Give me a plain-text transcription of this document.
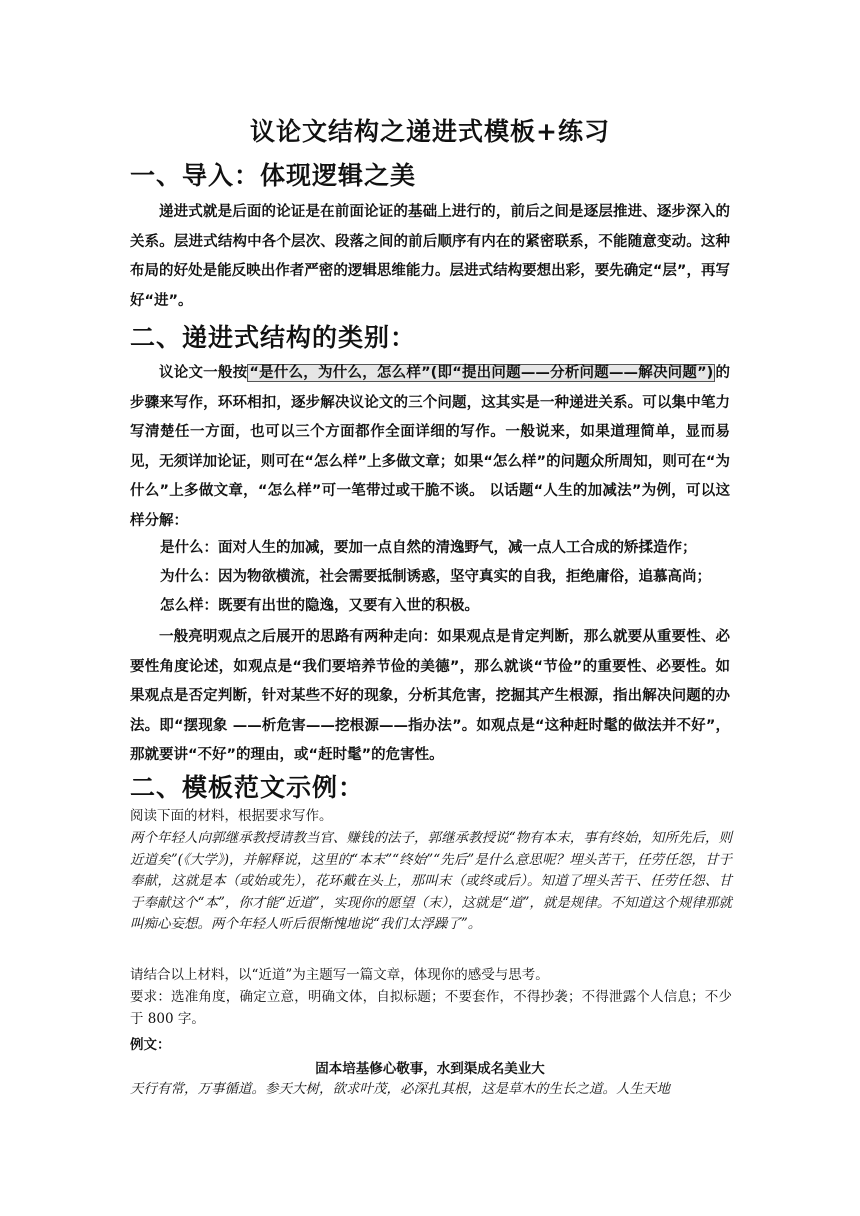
议论文结构之递进式模板+练习
一、导入：体现逻辑之美

递进式就是后面的论证是在前面论证的基础上进行的，前后之间是逐层推进、逐步深入的关系。层进式结构中各个层次、段落之间的前后顺序有内在的紧密联系，不能随意变动。这种布局的好处是能反映出作者严密的逻辑思维能力。层进式结构要想出彩，要先确定“层”，再写好“进”。

二、递进式结构的类别：

议论文一般按 “是什么，为什么，怎么样”(即“提出问题——分析问题——解决问题”) 的步骤来写作，环环相扣，逐步解决议论文的三个问题，这其实是一种递进关系。可以集中笔力写清楚任一方面，也可以三个方面都作全面详细的写作。一般说来，如果道理简单，显而易见，无须详加论证，则可在“怎么样”上多做文章；如果“怎么样”的问题众所周知，则可在“为什么”上多做文章，“怎么样”可一笔带过或干脆不谈。 以话题“人生的加减法”为例，可以这样分解：

是什么：面对人生的加减，要加一点自然的清逸野气，减一点人工合成的矫揉造作；

为什么：因为物欲横流，社会需要抵制诱惑，坚守真实的自我，拒绝庸俗，追慕高尚；

怎么样：既要有出世的隐逸，又要有入世的积极。

一般亮明观点之后展开的思路有两种走向：如果观点是肯定判断，那么就要从重要性、必要性角度论述，如观点是“我们要培养节俭的美德”，那么就谈“节俭”的重要性、必要性。如果观点是否定判断，针对某些不好的现象，分析其危害，挖掘其产生根源，指出解决问题的办法。即“摆现象 ——析危害——挖根源——指办法”。如观点是“这种赶时髦的做法并不好”，那就要讲“不好”的理由，或“赶时髦”的危害性。

二、模板范文示例：

阅读下面的材料，根据要求写作。

两个年轻人向郭继承教授请教当官、赚钱的法子，郭继承教授说“物有本末，事有终始，知所先后，则近道矣”(《大学》)，并解释说，这里的“本末”“终始”“先后”是什么意思呢？埋头苦干，任劳任怨，甘于奉献，这就是本（或始或先），花环戴在头上，那叫末（或终或后）。知道了埋头苦干、任劳任怨、甘于奉献这个“本”，你才能“近道”，实现你的愿望（末），这就是“道”，就是规律。不知道这个规律那就叫痴心妄想。两个年轻人听后很惭愧地说“我们太浮躁了”。

请结合以上材料，以“近道”为主题写一篇文章，体现你的感受与思考。

要求：选准角度，确定立意，明确文体，自拟标题；不要套作，不得抄袭；不得泄露个人信息；不少于 800 字。

例文：

固本培基修心敬事，水到渠成名美业大

天行有常，万事循道。参天大树，欲求叶茂，必深扎其根，这是草木的生长之道。人生天地
